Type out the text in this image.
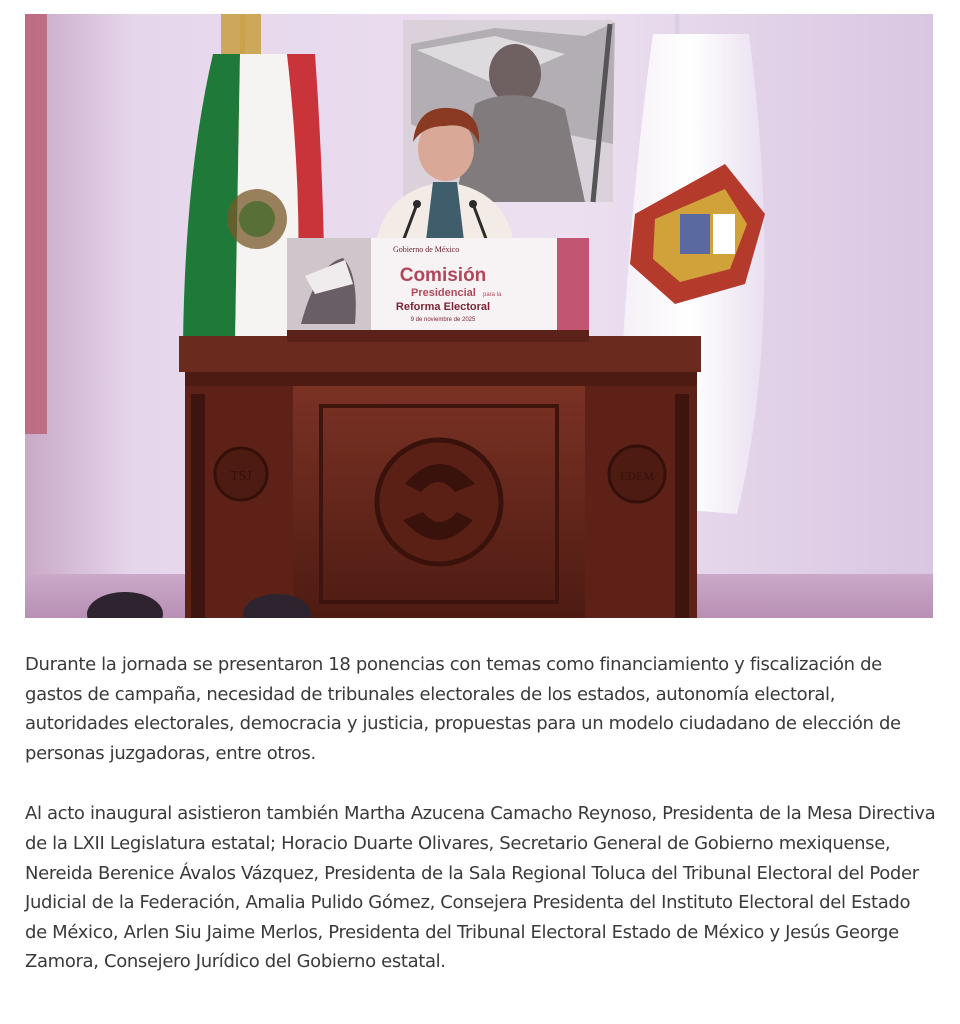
Gobierno de México
Comisión
Presidencial para la
Reforma Electoral
9 de noviembre de 2025
TSJ	EDEM

Durante la jornada se presentaron 18 ponencias con temas como financiamiento y fiscalización de gastos de campaña, necesidad de tribunales electorales de los estados, autonomía electoral, autoridades electorales, democracia y justicia, propuestas para un modelo ciudadano de elección de personas juzgadoras, entre otros.

Al acto inaugural asistieron también Martha Azucena Camacho Reynoso, Presidenta de la Mesa Directiva de la LXII Legislatura estatal; Horacio Duarte Olivares, Secretario General de Gobierno mexiquense, Nereida Berenice Ávalos Vázquez, Presidenta de la Sala Regional Toluca del Tribunal Electoral del Poder Judicial de la Federación, Amalia Pulido Gómez, Consejera Presidenta del Instituto Electoral del Estado de México, Arlen Siu Jaime Merlos, Presidenta del Tribunal Electoral Estado de México y Jesús George Zamora, Consejero Jurídico del Gobierno estatal.
